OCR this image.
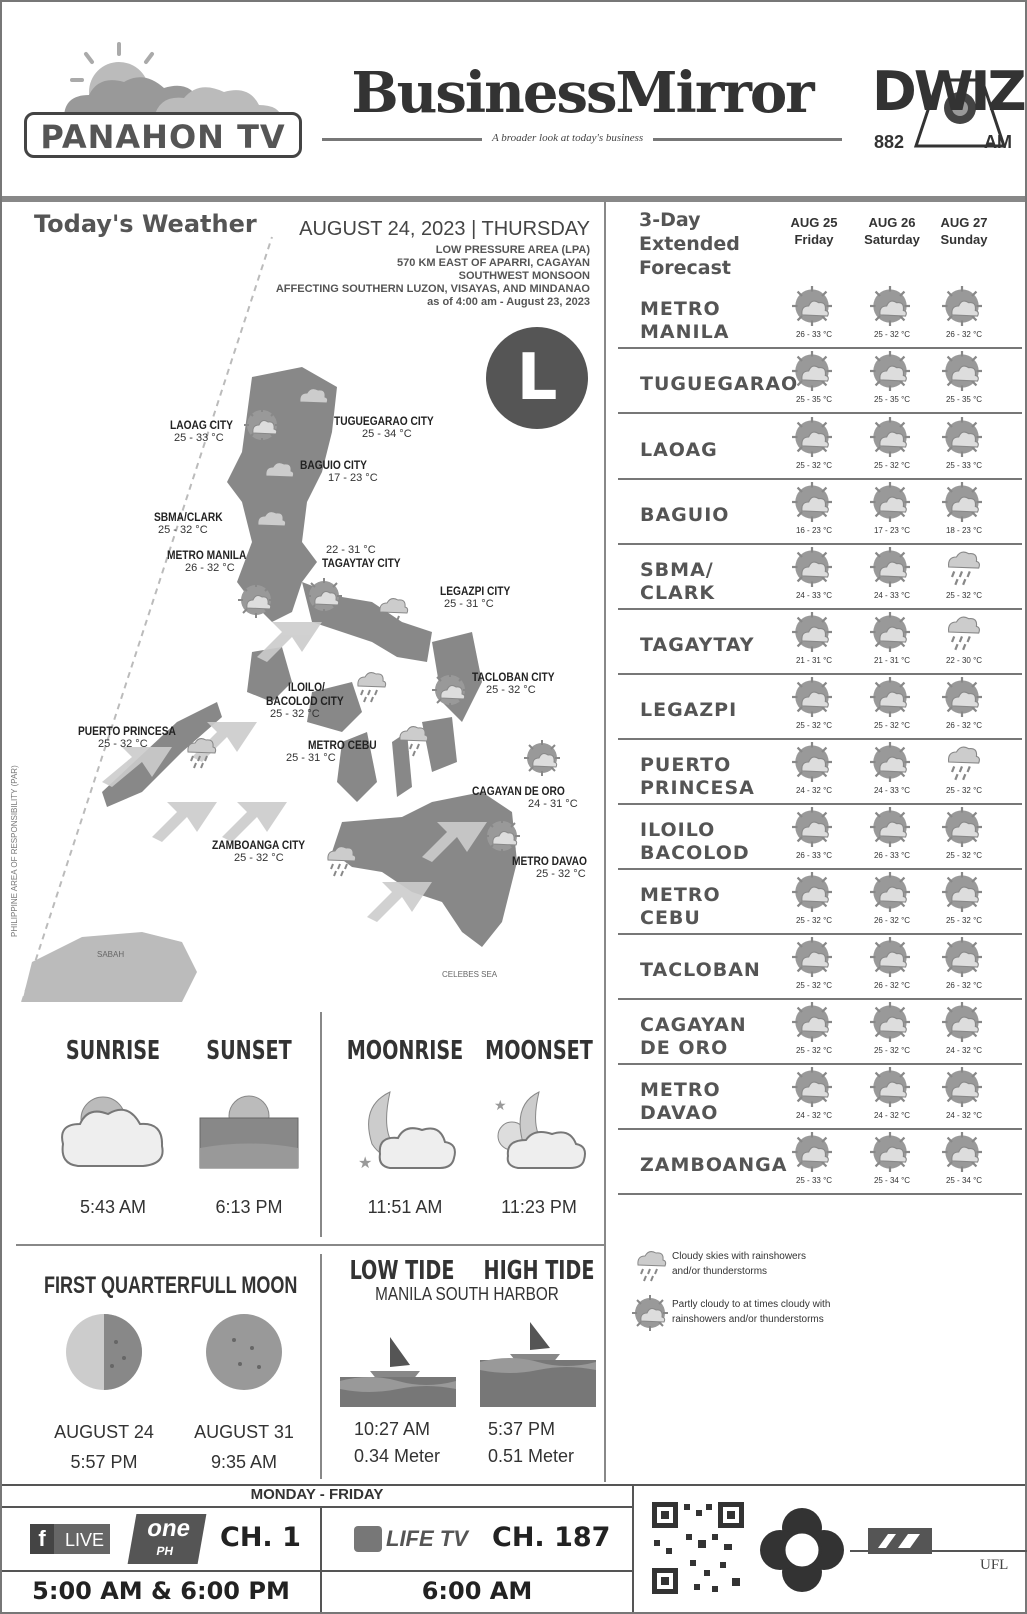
PANAHON TV
BusinessMirror
A broader look at today's business
DWIZ
882	AM
PHILIPPINE AREA OF RESPONSIBILITY (PAR)
SABAH
CELEBES SEA
Today's Weather AUGUST 24, 2023 | THURSDAY
LOW PRESSURE AREA (LPA)
570 KM EAST OF APARRI, CAGAYAN
SOUTHWEST MONSOON
AFFECTING SOUTHERN LUZON, VISAYAS, AND MINDANAO
as of 4:00 am - August 23, 2023
L
LAOAG CITY
25 - 33 °C
TUGUEGARAO CITY
25 - 34 °C
BAGUIO CITY
17 - 23 °C
SBMA/CLARK
25 - 32 °C
METRO MANILA
26 - 32 °C
22 - 31 °C
TAGAYTAY CITY
LEGAZPI CITY
25 - 31 °C
TACLOBAN CITY
25 - 32 °C
ILOILO/
BACOLOD CITY
25 - 32 °C
PUERTO PRINCESA
25 - 32 °C	METRO CEBU
25 - 31 °C
CAGAYAN DE ORO
24 - 31 °C
ZAMBOANGA CITY
25 - 32 °C	METRO DAVAO
25 - 32 °C
SUNRISE
5:43 AM
SUNSET
6:13 PM
MOONRISE
★
11:51 AM
MOONSET
★
11:23 PM
FIRST QUARTER
AUGUST 24
5:57 PM
FULL MOON
AUGUST 31
9:35 AM
LOW TIDE HIGH TIDE
MANILA SOUTH HARBOR
10:27 AM
0.34 Meter
5:37 PM
0.51 Meter
3-Day
Extended
Forecast
AUG 25
Friday
AUG 26
Saturday
AUG 27
Sunday
METRO
MANILA	26 - 33 °C	25 - 32 °C	26 - 32 °C
TUGUEGARAO
25 - 35 °C	25 - 35 °C	25 - 35 °C
LAOAG
25 - 32 °C	25 - 32 °C	25 - 33 °C
BAGUIO
16 - 23 °C	17 - 23 °C	18 - 23 °C
SBMA/
CLARK	24 - 33 °C	24 - 33 °C	25 - 32 °C
TAGAYTAY
21 - 31 °C	21 - 31 °C	22 - 30 °C
LEGAZPI
25 - 32 °C	25 - 32 °C	26 - 32 °C
PUERTO
PRINCESA	24 - 32 °C	24 - 33 °C	25 - 32 °C
ILOILO
BACOLOD	26 - 33 °C	26 - 33 °C	25 - 32 °C
METRO
CEBU	25 - 32 °C	26 - 32 °C	25 - 32 °C
TACLOBAN
25 - 32 °C	26 - 32 °C	26 - 32 °C
CAGAYAN
DE ORO	25 - 32 °C	25 - 32 °C	24 - 32 °C
METRO
DAVAO	24 - 32 °C	24 - 32 °C	24 - 32 °C
ZAMBOANGA
25 - 33 °C	25 - 34 °C	25 - 34 °C
Cloudy skies with rainshowers
and/or thunderstorms
Partly cloudy to at times cloudy with
rainshowers and/or thunderstorms
MONDAY - FRIDAY
f LIVE	one
PH	CH. 1	LIFE TV CH. 187
5:00 AM & 6:00 PM	6:00 AM
UFL
